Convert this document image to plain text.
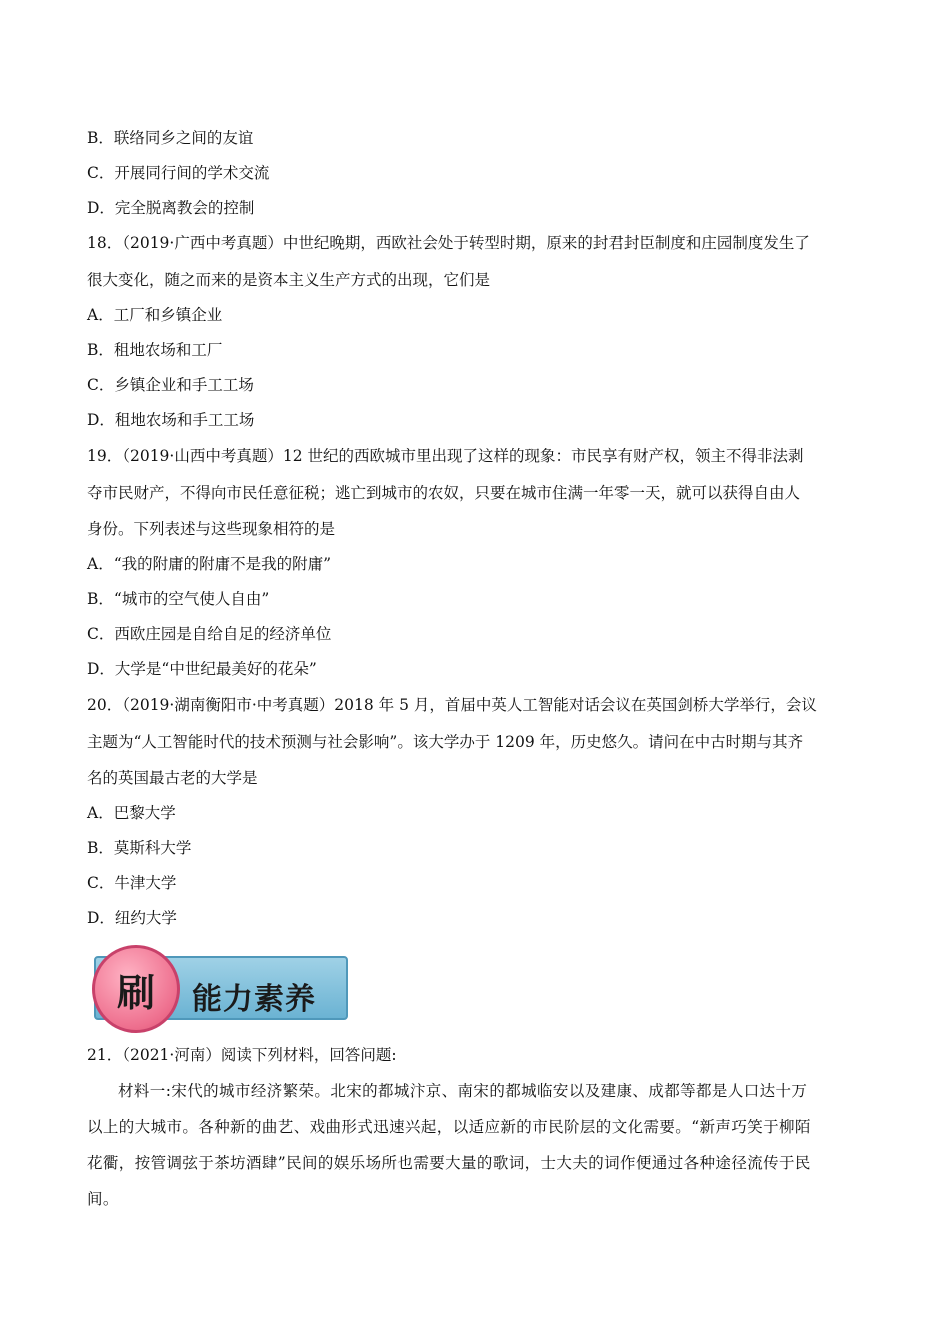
B．联络同乡之间的友谊
C．开展同行间的学术交流
D．完全脱离教会的控制
18．（2019·广西中考真题）中世纪晚期，西欧社会处于转型时期，原来的封君封臣制度和庄园制度发生了
很大变化，随之而来的是资本主义生产方式的出现，它们是
A．工厂和乡镇企业
B．租地农场和工厂
C．乡镇企业和手工工场
D．租地农场和手工工场
19．（2019·山西中考真题）12 世纪的西欧城市里出现了这样的现象：市民享有财产权，领主不得非法剥
夺市民财产，不得向市民任意征税；逃亡到城市的农奴，只要在城市住满一年零一天，就可以获得自由人
身份。下列表述与这些现象相符的是
A．“我的附庸的附庸不是我的附庸”
B．“城市的空气使人自由”
C．西欧庄园是自给自足的经济单位
D．大学是“中世纪最美好的花朵”
20．（2019·湖南衡阳市·中考真题）2018 年 5 月，首届中英人工智能对话会议在英国剑桥大学举行，会议
主题为“人工智能时代的技术预测与社会影响”。该大学办于 1209 年，历史悠久。请问在中古时期与其齐
名的英国最古老的大学是
A．巴黎大学
B．莫斯科大学
C．牛津大学
D．纽约大学
能力素养
刷
21．（2021·河南）阅读下列材料，回答问题:
材料一:宋代的城市经济繁荣。北宋的都城汴京、南宋的都城临安以及建康、成都等都是人口达十万
以上的大城市。各种新的曲艺、戏曲形式迅速兴起，以适应新的市民阶层的文化需要。“新声巧笑于柳陌
花衢，按管调弦于茶坊酒肆”民间的娱乐场所也需要大量的歌词，士大夫的词作便通过各种途径流传于民
间。
